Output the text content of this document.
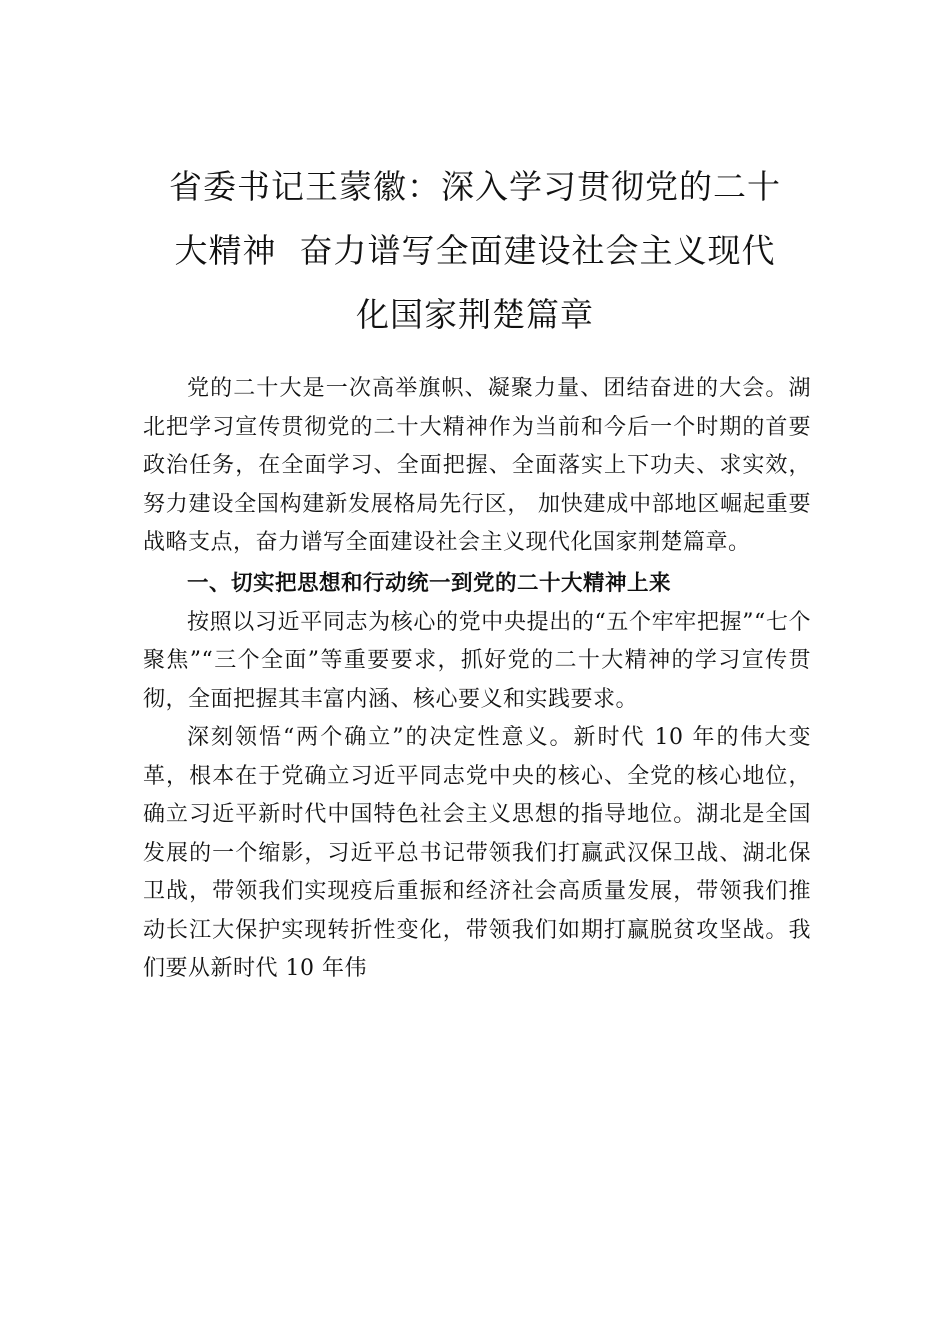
省委书记王蒙徽：深入学习贯彻党的二十
大精神  奋力谱写全面建设社会主义现代
化国家荆楚篇章

党的二十大是一次高举旗帜、凝聚力量、团结奋进的大会。湖北把学习宣传贯彻党的二十大精神作为当前和今后一个时期的首要政治任务，在全面学习、全面把握、全面落实上下功夫、求实效，努力建设全国构建新发展格局先行区， 加快建成中部地区崛起重要战略支点，奋力谱写全面建设社会主义现代化国家荆楚篇章。

一、切实把思想和行动统一到党的二十大精神上来

按照以习近平同志为核心的党中央提出的“五个牢牢把握”“七个聚焦”“三个全面”等重要要求，抓好党的二十大精神的学习宣传贯彻，全面把握其丰富内涵、核心要义和实践要求。

深刻领悟“两个确立”的决定性意义。新时代 10 年的伟大变革，根本在于党确立习近平同志党中央的核心、全党的核心地位，确立习近平新时代中国特色社会主义思想的指导地位。湖北是全国发展的一个缩影，习近平总书记带领我们打赢武汉保卫战、湖北保卫战，带领我们实现疫后重振和经济社会高质量发展，带领我们推动长江大保护实现转折性变化，带领我们如期打赢脱贫攻坚战。我们要从新时代 10 年伟
